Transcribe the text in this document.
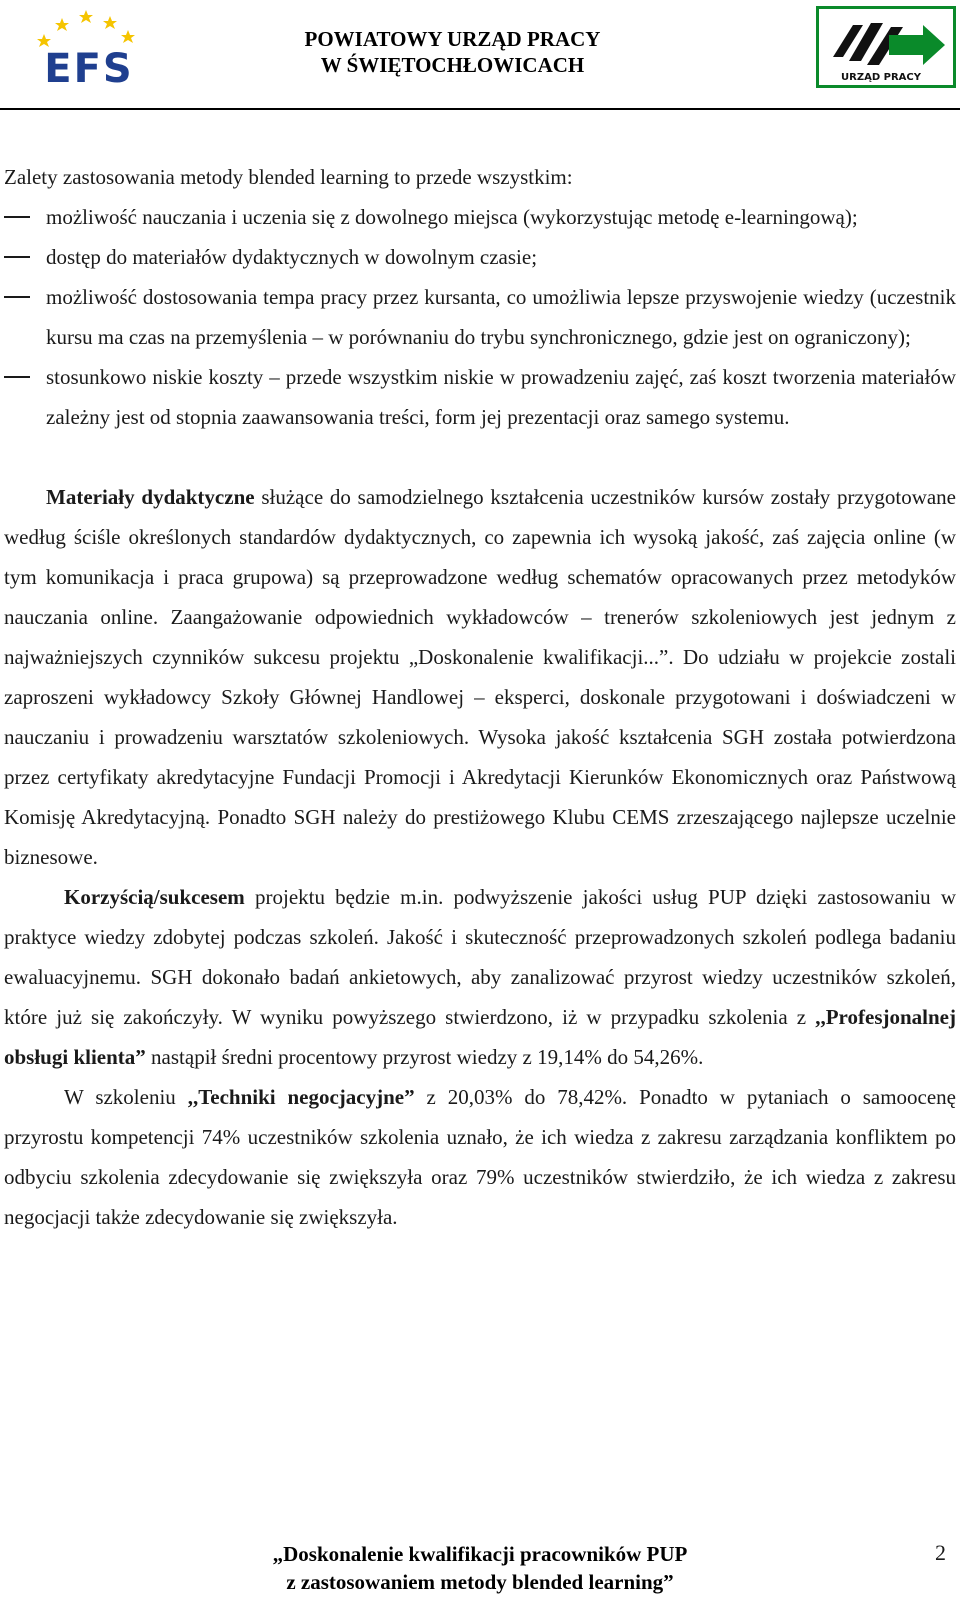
EFS
POWIATOWY URZĄD PRACY
W ŚWIĘTOCHŁOWICACH
URZĄD PRACY

Zalety zastosowania metody blended learning to przede wszystkim:

możliwość nauczania i uczenia się z dowolnego miejsca (wykorzystując metodę e-learningową);
dostęp do materiałów dydaktycznych w dowolnym czasie;
możliwość dostosowania tempa pracy przez kursanta, co umożliwia lepsze przyswojenie wiedzy (uczestnik kursu ma czas na przemyślenia – w porównaniu do trybu synchronicznego, gdzie jest on ograniczony);
stosunkowo niskie koszty – przede wszystkim niskie w prowadzeniu zajęć, zaś koszt tworzenia materiałów zależny jest od stopnia zaawansowania treści, form jej prezentacji oraz samego systemu.

Materiały dydaktyczne służące do samodzielnego kształcenia uczestników kursów zostały przygotowane według ściśle określonych standardów dydaktycznych, co zapewnia ich wysoką jakość, zaś zajęcia online (w tym komunikacja i praca grupowa) są przeprowadzone według schematów opracowanych przez metodyków nauczania online. Zaangażowanie odpowiednich wykładowców – trenerów szkoleniowych jest jednym z najważniejszych czynników sukcesu projektu „Doskonalenie kwalifikacji...”. Do udziału w projekcie zostali zaproszeni wykładowcy Szkoły Głównej Handlowej – eksperci, doskonale przygotowani i doświadczeni w nauczaniu i prowadzeniu warsztatów szkoleniowych. Wysoka jakość kształcenia SGH została potwierdzona przez certyfikaty akredytacyjne Fundacji Promocji i Akredytacji Kierunków Ekonomicznych oraz Państwową Komisję Akredytacyjną. Ponadto SGH należy do prestiżowego Klubu CEMS zrzeszającego najlepsze uczelnie biznesowe.

Korzyścią/sukcesem projektu będzie m.in. podwyższenie jakości usług PUP dzięki zastosowaniu w praktyce wiedzy zdobytej podczas szkoleń. Jakość i skuteczność przeprowadzonych szkoleń podlega badaniu ewaluacyjnemu. SGH dokonało badań ankietowych, aby zanalizować przyrost wiedzy uczestników szkoleń, które już się zakończyły. W wyniku powyższego stwierdzono, iż w przypadku szkolenia z ,,Profesjonalnej obsługi klienta” nastąpił średni procentowy przyrost wiedzy z 19,14% do 54,26%.

W szkoleniu ,,Techniki negocjacyjne” z 20,03% do 78,42%. Ponadto w pytaniach o samoocenę przyrostu kompetencji 74% uczestników szkolenia uznało, że ich wiedza z zakresu zarządzania konfliktem po odbyciu szkolenia zdecydowanie się zwiększyła oraz 79% uczestników stwierdziło, że ich wiedza z zakresu negocjacji także zdecydowanie się zwiększyła.

„Doskonalenie kwalifikacji pracowników PUP
z zastosowaniem metody blended learning”
2
